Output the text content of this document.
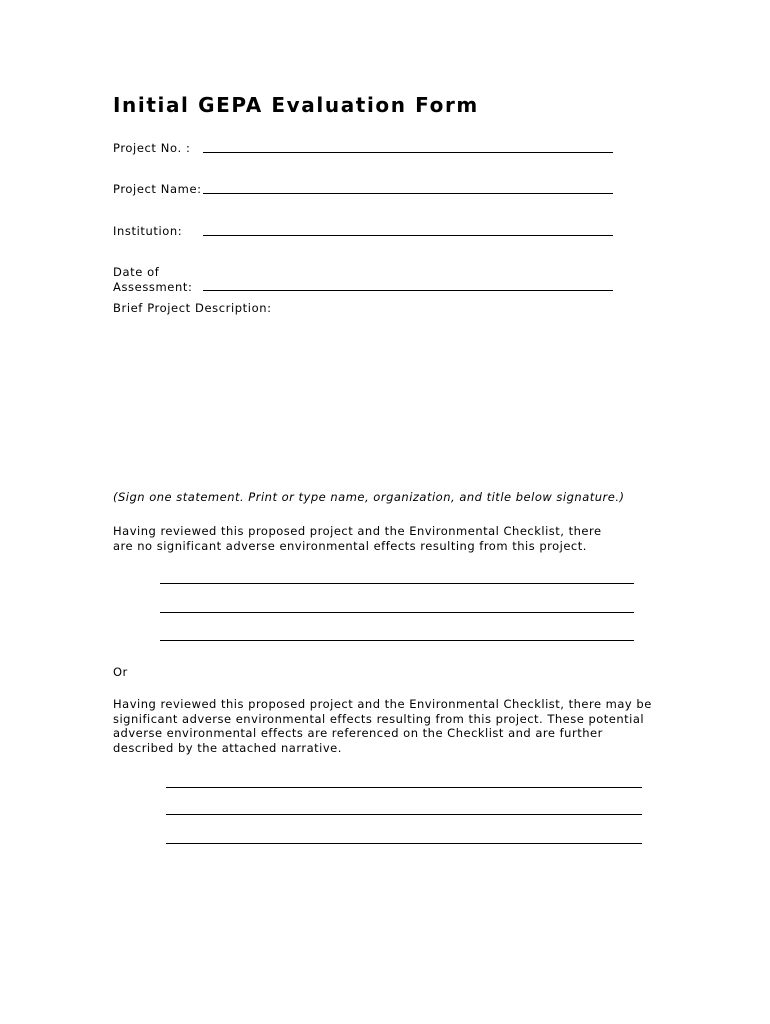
Initial GEPA Evaluation Form
Project No. :
Project Name:
Institution:
Date of
Assessment:
Brief Project Description:
(Sign one statement. Print or type name, organization, and title below signature.)
Having reviewed this proposed project and the Environmental Checklist, there are no significant adverse environmental effects resulting from this project.
Or
Having reviewed this proposed project and the Environmental Checklist, there may be significant adverse environmental effects resulting from this project. These potential adverse environmental effects are referenced on the Checklist and are further described by the attached narrative.
